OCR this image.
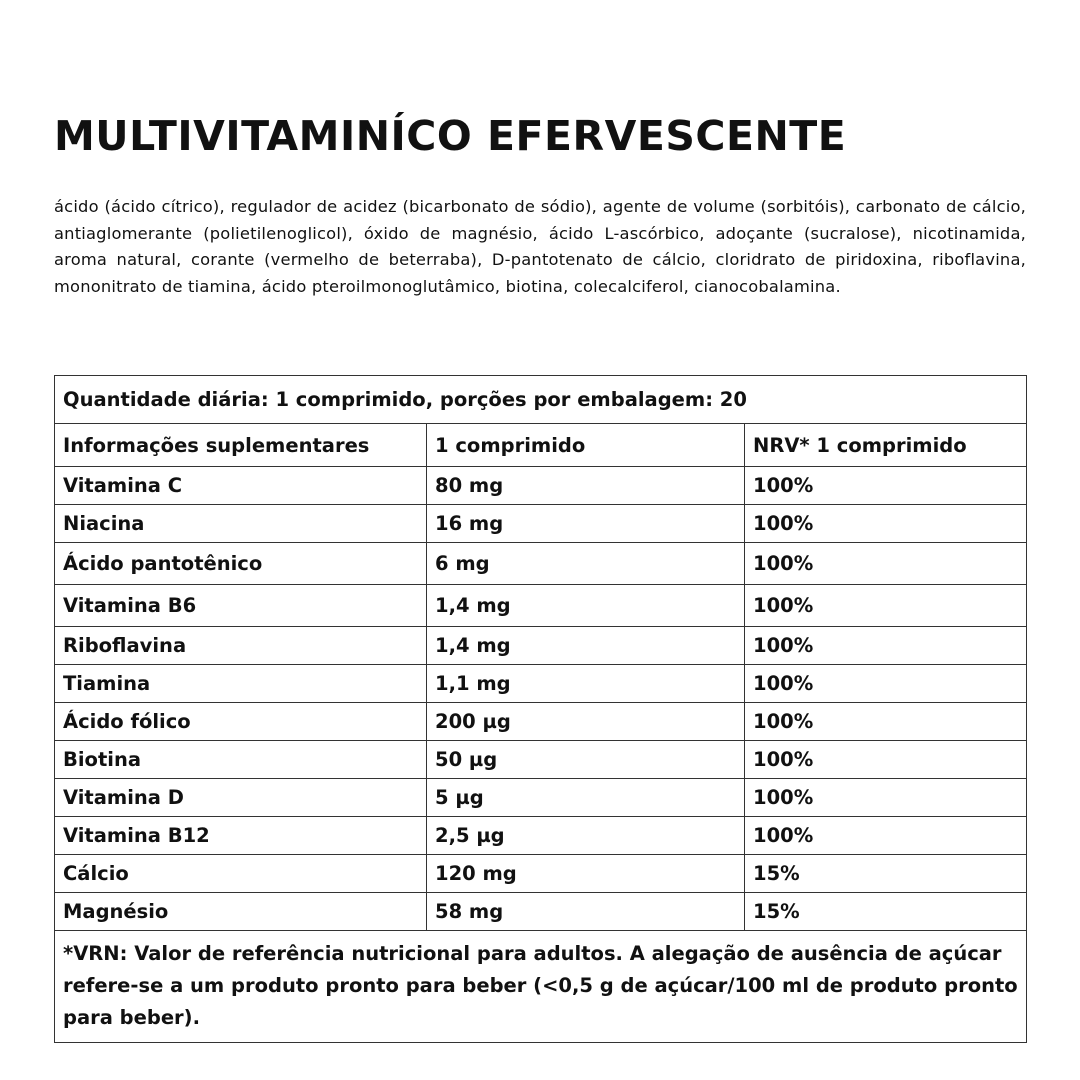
MULTIVITAMINÍCO EFERVESCENTE

ácido (ácido cítrico), regulador de acidez (bicarbonato de sódio), agente de volume (sorbitóis), carbonato de cálcio, antiaglomerante (polietilenoglicol), óxido de magnésio, ácido L-ascórbico, adoçante (sucralose), nicotinamida, aroma natural, corante (vermelho de beterraba), D-pantotenato de cálcio, cloridrato de piridoxina, riboflavina, mononitrato de tiamina, ácido pteroilmonoglutâmico, biotina, colecalciferol, cianocobalamina.

Quantidade diária: 1 comprimido, porções por embalagem: 20		
Informações suplementares	1 comprimido	NRV* 1 comprimido
Vitamina C	80 mg	100%
Niacina	16 mg	100%
Ácido pantotênico	6 mg	100%
Vitamina B6	1,4 mg	100%
Riboflavina	1,4 mg	100%
Tiamina	1,1 mg	100%
Ácido fólico	200 µg	100%
Biotina	50 µg	100%
Vitamina D	5 µg	100%
Vitamina B12	2,5 µg	100%
Cálcio	120 mg	15%
Magnésio	58 mg	15%
*VRN: Valor de referência nutricional para adultos. A alegação de ausência de açúcar refere-se a um produto pronto para beber (<0,5 g de açúcar/100 ml de produto pronto para beber).		
